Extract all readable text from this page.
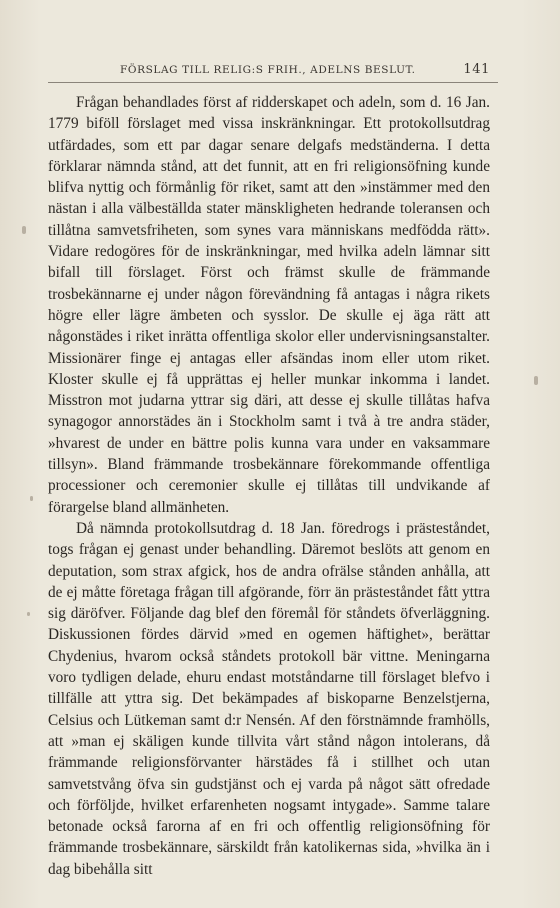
FÖRSLAG TILL RELIG:S FRIH., ADELNS BESLUT.	141

Frågan behandlades först af ridderskapet och adeln, som d. 16 Jan. 1779 biföll förslaget med vissa inskränkningar. Ett protokollsutdrag utfärdades, som ett par dagar senare delgafs medständerna. I detta förklarar nämnda stånd, att det funnit, att en fri religionsöfning kunde blifva nyttig och förmånlig för riket, samt att den »instämmer med den nästan i alla välbeställda stater mänskligheten hedrande toleransen och tillåtna samvetsfriheten, som synes vara människans medfödda rätt». Vidare redogöres för de inskränkningar, med hvilka adeln lämnar sitt bifall till förslaget. Först och främst skulle de främmande trosbekännarne ej under någon förevändning få antagas i några rikets högre eller lägre ämbeten och sysslor. De skulle ej äga rätt att någonstädes i riket inrätta offentliga skolor eller undervisningsanstalter. Missionärer finge ej antagas eller afsändas inom eller utom riket. Kloster skulle ej få upprättas ej heller munkar inkomma i landet. Misstron mot judarna yttrar sig däri, att desse ej skulle tillåtas hafva synagogor annorstädes än i Stockholm samt i två à tre andra städer, »hvarest de under en bättre polis kunna vara under en vaksammare tillsyn». Bland främmande trosbekännare förekommande offentliga processioner och ceremonier skulle ej tillåtas till undvikande af förargelse bland allmänheten.

Då nämnda protokollsutdrag d. 18 Jan. föredrogs i prästeståndet, togs frågan ej genast under behandling. Däremot beslöts att genom en deputation, som strax afgick, hos de andra ofrälse stånden anhålla, att de ej måtte företaga frågan till afgörande, förr än prästeståndet fått yttra sig däröfver. Följande dag blef den föremål för ståndets öfverläggning. Diskussionen fördes därvid »med en ogemen häftighet», berättar Chydenius, hvarom också ståndets protokoll bär vittne. Meningarna voro tydligen delade, ehuru endast motståndarne till förslaget blefvo i tillfälle att yttra sig. Det bekämpades af biskoparne Benzelstjerna, Celsius och Lütkeman samt d:r Nensén. Af den förstnämnde framhölls, att »man ej skäligen kunde tillvita vårt stånd någon intolerans, då främmande religionsförvanter härstädes få i stillhet och utan samvetstvång öfva sin gudstjänst och ej varda på något sätt ofredade och förföljde, hvilket erfarenheten nogsamt intygade». Samme talare betonade också farorna af en fri och offentlig religionsöfning för främmande trosbekännare, särskildt från katolikernas sida, »hvilka än i dag bibehålla sitt
